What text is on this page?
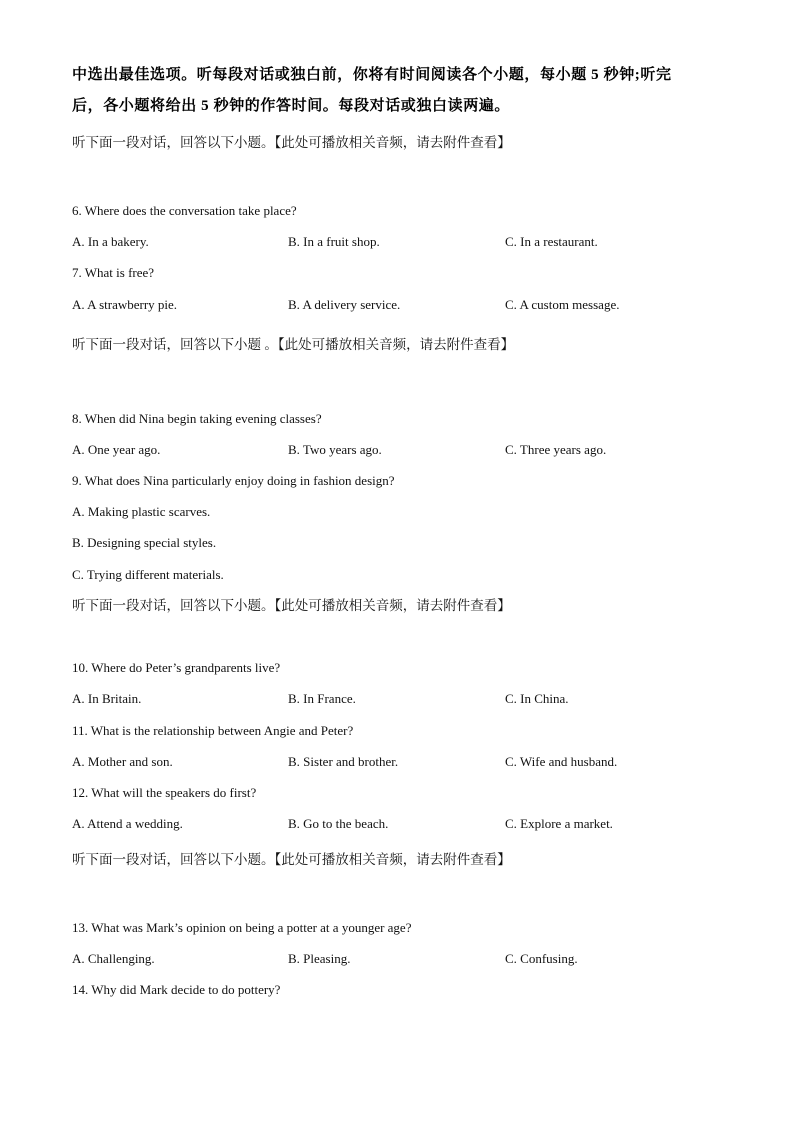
中选出最佳选项。听每段对话或独白前，你将有时间阅读各个小题，每小题 5 秒钟;听完
后，各小题将给出 5 秒钟的作答时间。每段对话或独白读两遍。
听下面一段对话，回答以下小题。【此处可播放相关音频，请去附件查看】
6. Where does the conversation take place?
A. In a bakery.	B. In a fruit shop.	C. In a restaurant.
7. What is free?
A. A strawberry pie.	B. A delivery service.	C. A custom message.
听下面一段对话，回答以下小题 。【此处可播放相关音频，请去附件查看】
8. When did Nina begin taking evening classes?
A. One year ago.	B. Two years ago.	C. Three years ago.
9. What does Nina particularly enjoy doing in fashion design?
A. Making plastic scarves.
B. Designing special styles.
C. Trying different materials.
听下面一段对话，回答以下小题。【此处可播放相关音频，请去附件查看】
10. Where do Peter’s grandparents live?
A. In Britain.	B. In France.	C. In China.
11. What is the relationship between Angie and Peter?
A. Mother and son.	B. Sister and brother.	C. Wife and husband.
12. What will the speakers do first?
A. Attend a wedding.	B. Go to the beach.	C. Explore a market.
听下面一段对话，回答以下小题。【此处可播放相关音频，请去附件查看】
13. What was Mark’s opinion on being a potter at a younger age?
A. Challenging.	B. Pleasing.	C. Confusing.
14. Why did Mark decide to do pottery?
